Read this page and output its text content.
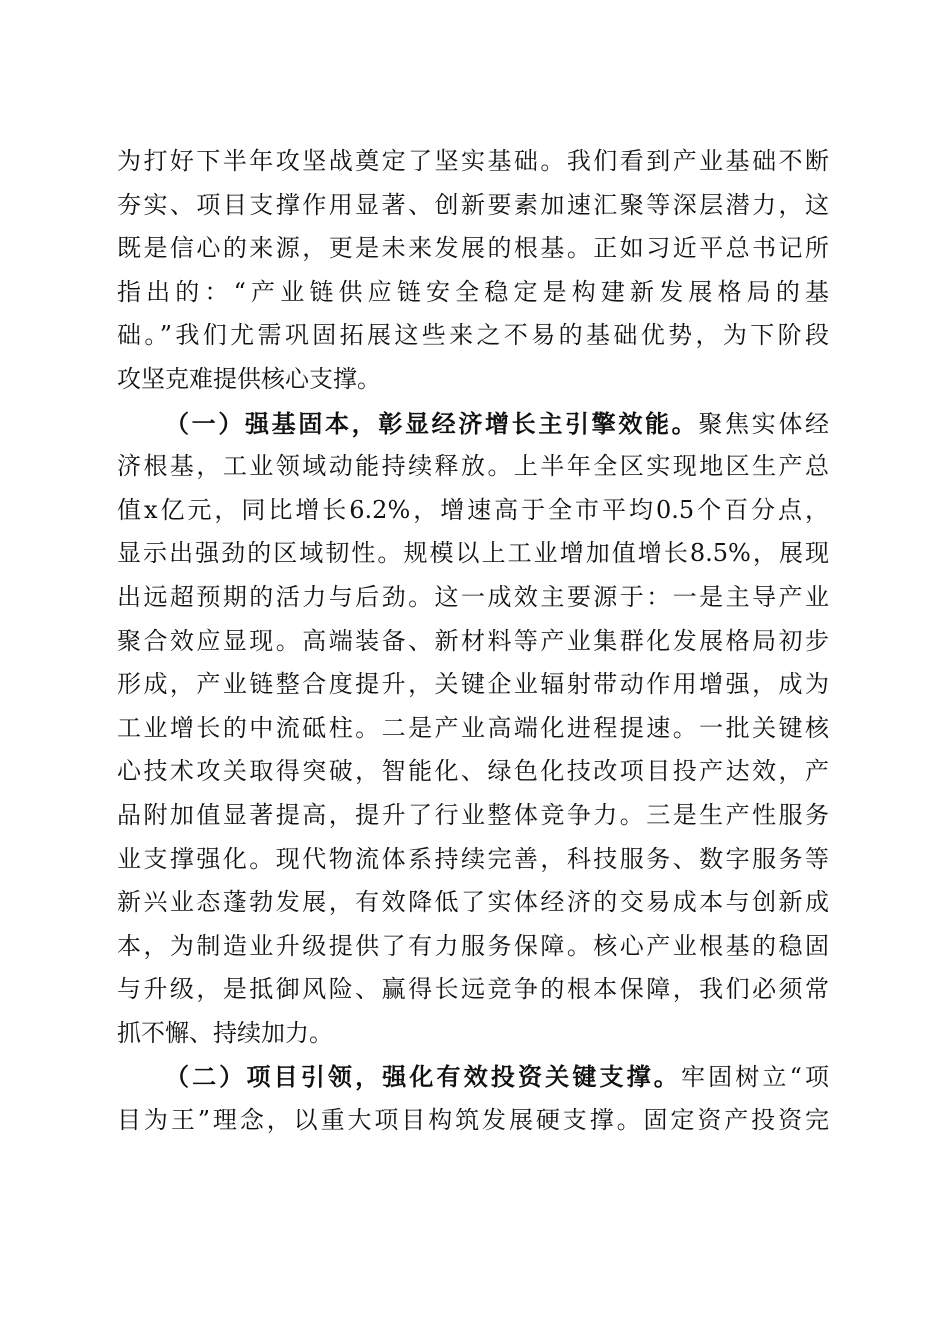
为打好下半年攻坚战奠定了坚实基础。我们看到产业基础不断
夯实、项目支撑作用显著、创新要素加速汇聚等深层潜力，这
既是信心的来源，更是未来发展的根基。正如习近平总书记所
指出的：“产业链供应链安全稳定是构建新发展格局的基
础。”我们尤需巩固拓展这些来之不易的基础优势，为下阶段
攻坚克难提供核心支撑。
（一）强基固本，彰显经济增长主引擎效能。聚焦实体经
济根基，工业领域动能持续释放。上半年全区实现地区生产总
值x亿元，同比增长6.2%，增速高于全市平均0.5个百分点，
显示出强劲的区域韧性。规模以上工业增加值增长8.5%，展现
出远超预期的活力与后劲。这一成效主要源于：一是主导产业
聚合效应显现。高端装备、新材料等产业集群化发展格局初步
形成，产业链整合度提升，关键企业辐射带动作用增强，成为
工业增长的中流砥柱。二是产业高端化进程提速。一批关键核
心技术攻关取得突破，智能化、绿色化技改项目投产达效，产
品附加值显著提高，提升了行业整体竞争力。三是生产性服务
业支撑强化。现代物流体系持续完善，科技服务、数字服务等
新兴业态蓬勃发展，有效降低了实体经济的交易成本与创新成
本，为制造业升级提供了有力服务保障。核心产业根基的稳固
与升级，是抵御风险、赢得长远竞争的根本保障，我们必须常
抓不懈、持续加力。
（二）项目引领，强化有效投资关键支撑。牢固树立“项
目为王”理念，以重大项目构筑发展硬支撑。固定资产投资完
